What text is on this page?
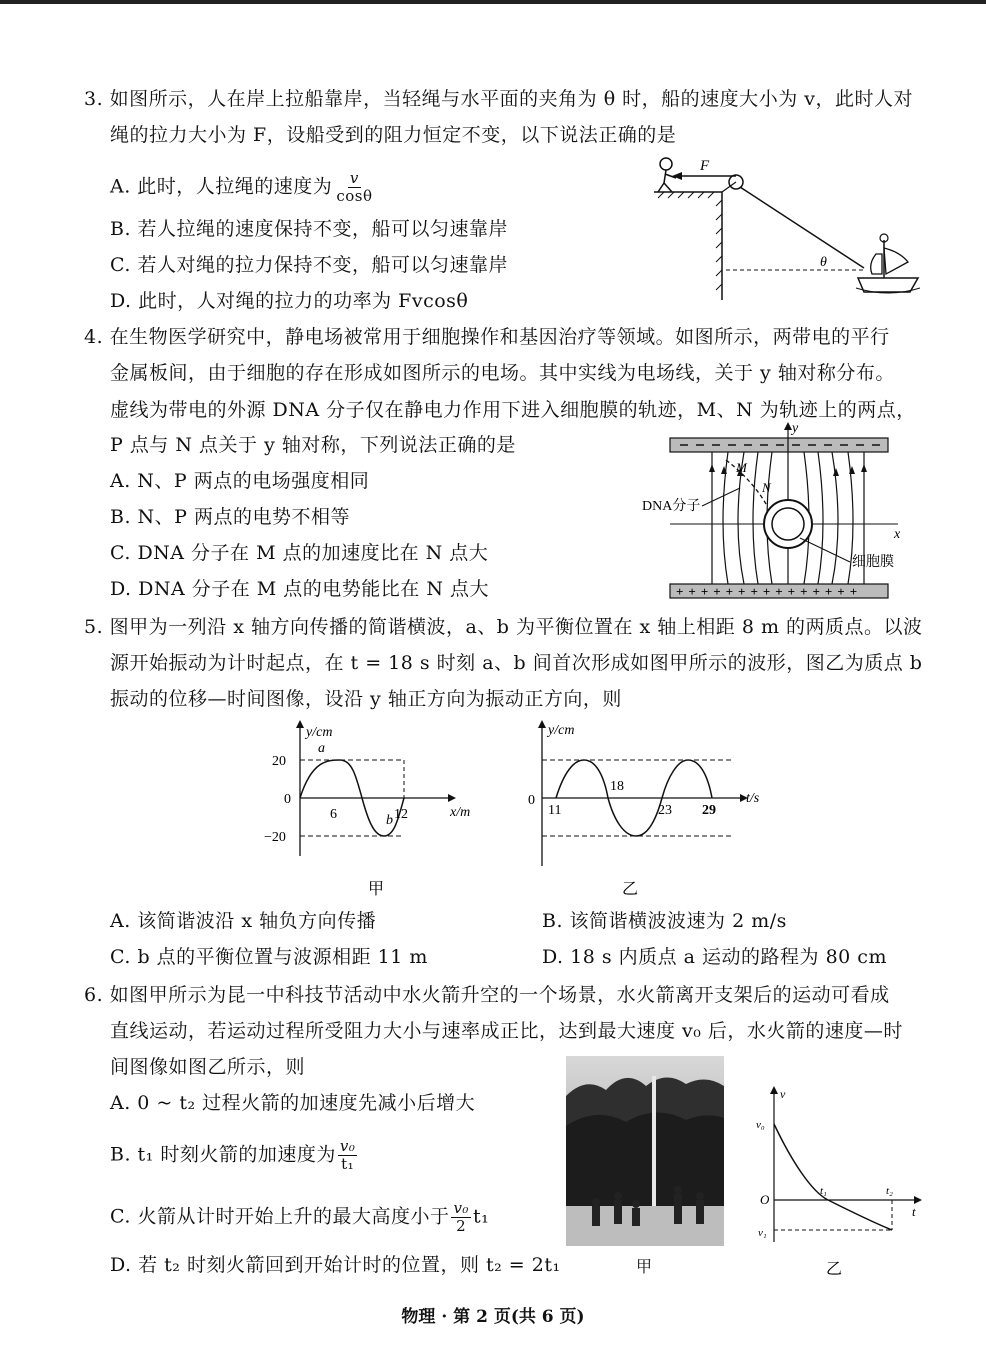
3. 如图所示，人在岸上拉船靠岸，当轻绳与水平面的夹角为 θ 时，船的速度大小为 v，此时人对
绳的拉力大小为 F，设船受到的阻力恒定不变，以下说法正确的是
A. 此时，人拉绳的速度为 $\frac{v}{\cos\theta}$
B. 若人拉绳的速度保持不变，船可以匀速靠岸
C. 若人对绳的拉力保持不变，船可以匀速靠岸
D. 此时，人对绳的拉力的功率为 Fvcosθ
F
θ
4. 在生物医学研究中，静电场被常用于细胞操作和基因治疗等领域。如图所示，两带电的平行
金属板间，由于细胞的存在形成如图所示的电场。其中实线为电场线，关于 y 轴对称分布。
虚线为带电的外源 DNA 分子仅在静电力作用下进入细胞膜的轨迹，M、N 为轨迹上的两点，
P 点与 N 点关于 y 轴对称，下列说法正确的是
A. N、P 两点的电场强度相同
B. N、P 两点的电势不相等
C. DNA 分子在 M 点的加速度比在 N 点大
D. DNA 分子在 M 点的电势能比在 N 点大	+++++++++++++++
y
x
M
N
DNA分子
细胞膜
5. 图甲为一列沿 x 轴方向传播的简谐横波，a、b 为平衡位置在 x 轴上相距 8 m 的两质点。以波
源开始振动为计时起点，在 t = 18 s 时刻 a、b 间首次形成如图甲所示的波形，图乙为质点 b
振动的位移—时间图像，设沿 y 轴正方向为振动正方向，则
y/cm
x/m
20
0
−20
a
b
6	12
甲
y/cm
t/s
0
11
18
23 29
乙
A. 该简谐波沿 x 轴负方向传播	B. 该简谐横波波速为 2 m/s
C. b 点的平衡位置与波源相距 11 m	D. 18 s 内质点 a 运动的路程为 80 cm
6. 如图甲所示为昆一中科技节活动中水火箭升空的一个场景，水火箭离开支架后的运动可看成
直线运动，若运动过程所受阻力大小与速率成正比，达到最大速度 v₀ 后，水火箭的速度—时
间图像如图乙所示，则
A. 0 ~ t₂ 过程火箭的加速度先减小后增大
B. t₁ 时刻火箭的加速度为 $\frac{\text{v₀}}{\text{t₁}}$
C. 火箭从计时开始上升的最大高度小于 $\frac{\text{v₀}}{2} t_1$
D. 若 t₂ 时刻火箭回到开始计时的位置，则 t₂ = 2t₁	甲
v
t
O
v₀
v₁
t₁	t₂
乙
物理 · 第 2 页(共 6 页)
